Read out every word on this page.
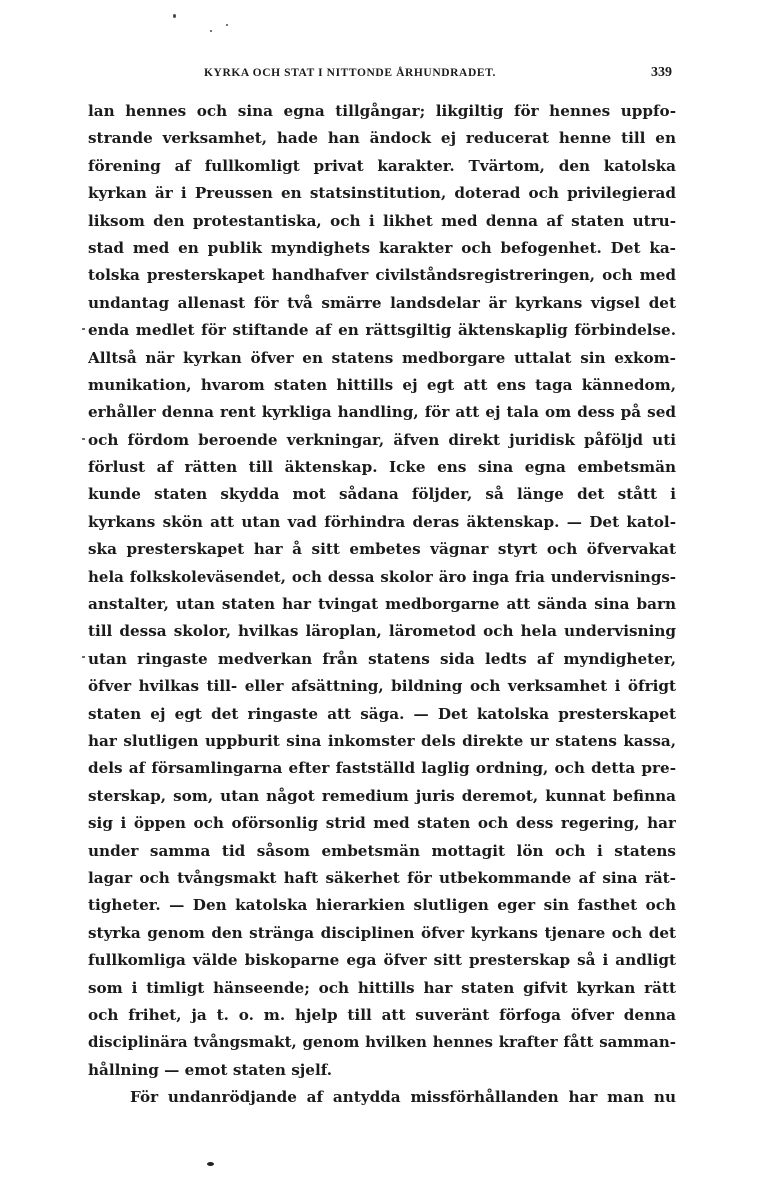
KYRKA OCH STAT I NITTONDE ÅRHUNDRADET.	339
lan hennes och sina egna tillgångar; likgiltig för hennes uppfo-
strande verksamhet, hade han ändock ej reducerat henne till en
förening af fullkomligt privat karakter. Tvärtom, den katolska
kyrkan är i Preussen en statsinstitution, doterad och privilegierad
liksom den protestantiska, och i likhet med denna af staten utru-
stad med en publik myndighets karakter och befogenhet. Det ka-
tolska presterskapet handhafver civilståndsregistreringen, och med
undantag allenast för två smärre landsdelar är kyrkans vigsel det
enda medlet för stiftande af en rättsgiltig äktenskaplig förbindelse.
Alltså när kyrkan öfver en statens medborgare uttalat sin exkom-
munikation, hvarom staten hittills ej egt att ens taga kännedom,
erhåller denna rent kyrkliga handling, för att ej tala om dess på sed
och fördom beroende verkningar, äfven direkt juridisk påföljd uti
förlust af rätten till äktenskap. Icke ens sina egna embetsmän
kunde staten skydda mot sådana följder, så länge det stått i
kyrkans skön att utan vad förhindra deras äktenskap. — Det katol-
ska presterskapet har å sitt embetes vägnar styrt och öfvervakat
hela folkskoleväsendet, och dessa skolor äro inga fria undervisnings-
anstalter, utan staten har tvingat medborgarne att sända sina barn
till dessa skolor, hvilkas läroplan, lärometod och hela undervisning
utan ringaste medverkan från statens sida ledts af myndigheter,
öfver hvilkas till- eller afsättning, bildning och verksamhet i öfrigt
staten ej egt det ringaste att säga. — Det katolska presterskapet
har slutligen uppburit sina inkomster dels direkte ur statens kassa,
dels af församlingarna efter fastställd laglig ordning, och detta pre-
sterskap, som, utan något remedium juris deremot, kunnat befinna
sig i öppen och oförsonlig strid med staten och dess regering, har
under samma tid såsom embetsmän mottagit lön och i statens
lagar och tvångsmakt haft säkerhet för utbekommande af sina rät-
tigheter. — Den katolska hierarkien slutligen eger sin fasthet och
styrka genom den stränga disciplinen öfver kyrkans tjenare och det
fullkomliga välde biskoparne ega öfver sitt presterskap så i andligt
som i timligt hänseende; och hittills har staten gifvit kyrkan rätt
och frihet, ja t. o. m. hjelp till att suveränt förfoga öfver denna
disciplinära tvångsmakt, genom hvilken hennes krafter fått samman-
hållning — emot staten sjelf.
För undanrödjande af antydda missförhållanden har man nu
